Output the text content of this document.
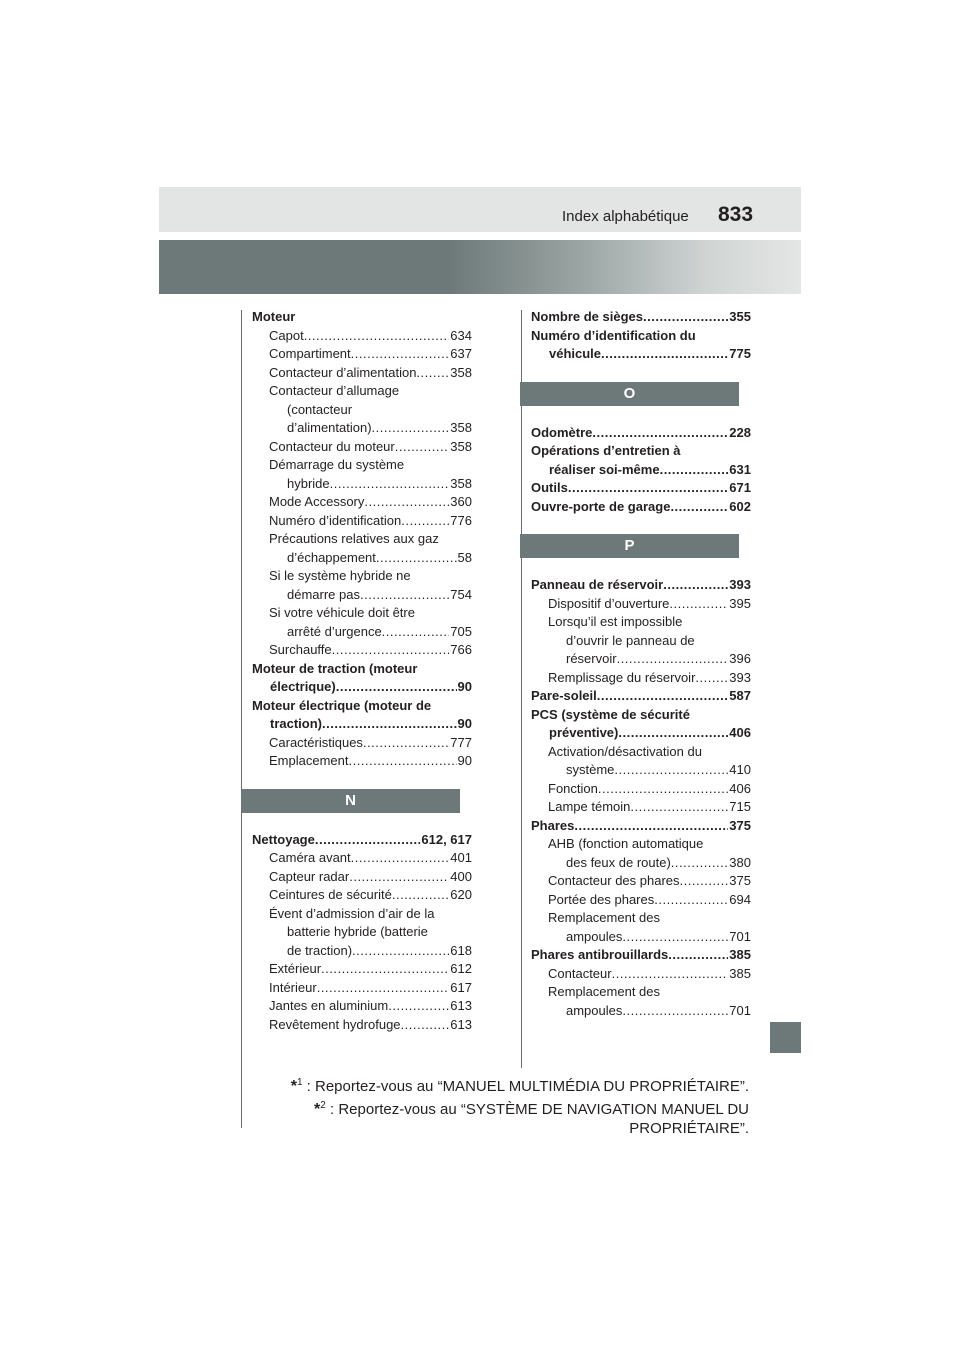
Index alphabétique 833
Moteur
Capot .....	634
Compartiment .....	637
Contacteur d’alimentation .....	358
Contacteur d’allumage
(contacteur
d’alimentation) .....	358
Contacteur du moteur .....	358
Démarrage du système
hybride .....	358
Mode Accessory .....	360
Numéro d’identification .....	776
Précautions relatives aux gaz
d’échappement .....	58
Si le système hybride ne
démarre pas .....	754
Si votre véhicule doit être
arrêté d’urgence .....	705
Surchauffe .....	766
Moteur de traction (moteur
électrique) .....	90
Moteur électrique (moteur de
traction) .....	90
Caractéristiques .....	777
Emplacement .....	90
N
Nettoyage .....	612, 617
Caméra avant .....	401
Capteur radar .....	400
Ceintures de sécurité .....	620
Évent d’admission d’air de la
batterie hybride (batterie
de traction) .....	618
Extérieur .....	612
Intérieur .....	617
Jantes en aluminium .....	613
Revêtement hydrofuge .....	613
Nombre de sièges .....	355
Numéro d’identification du
véhicule .....	775
O
Odomètre .....	228
Opérations d’entretien à
réaliser soi-même .....	631
Outils .....	671
Ouvre-porte de garage .....	602
P
Panneau de réservoir .....	393
Dispositif d’ouverture .....	395
Lorsqu’il est impossible
d’ouvrir le panneau de
réservoir .....	396
Remplissage du réservoir .....	393
Pare-soleil .....	587
PCS (système de sécurité
préventive) .....	406
Activation/désactivation du
système .....	410
Fonction .....	406
Lampe témoin .....	715
Phares .....	375
AHB (fonction automatique
des feux de route) .....	380
Contacteur des phares .....	375
Portée des phares .....	694
Remplacement des
ampoules .....	701
Phares antibrouillards .....	385
Contacteur .....	385
Remplacement des
ampoules .....	701
*$^1$ : Reportez-vous au “MANUEL MULTIMÉDIA DU PROPRIÉTAIRE”.
*$^2$ : Reportez-vous au “SYSTÈME DE NAVIGATION MANUEL DU PROPRIÉTAIRE”.
